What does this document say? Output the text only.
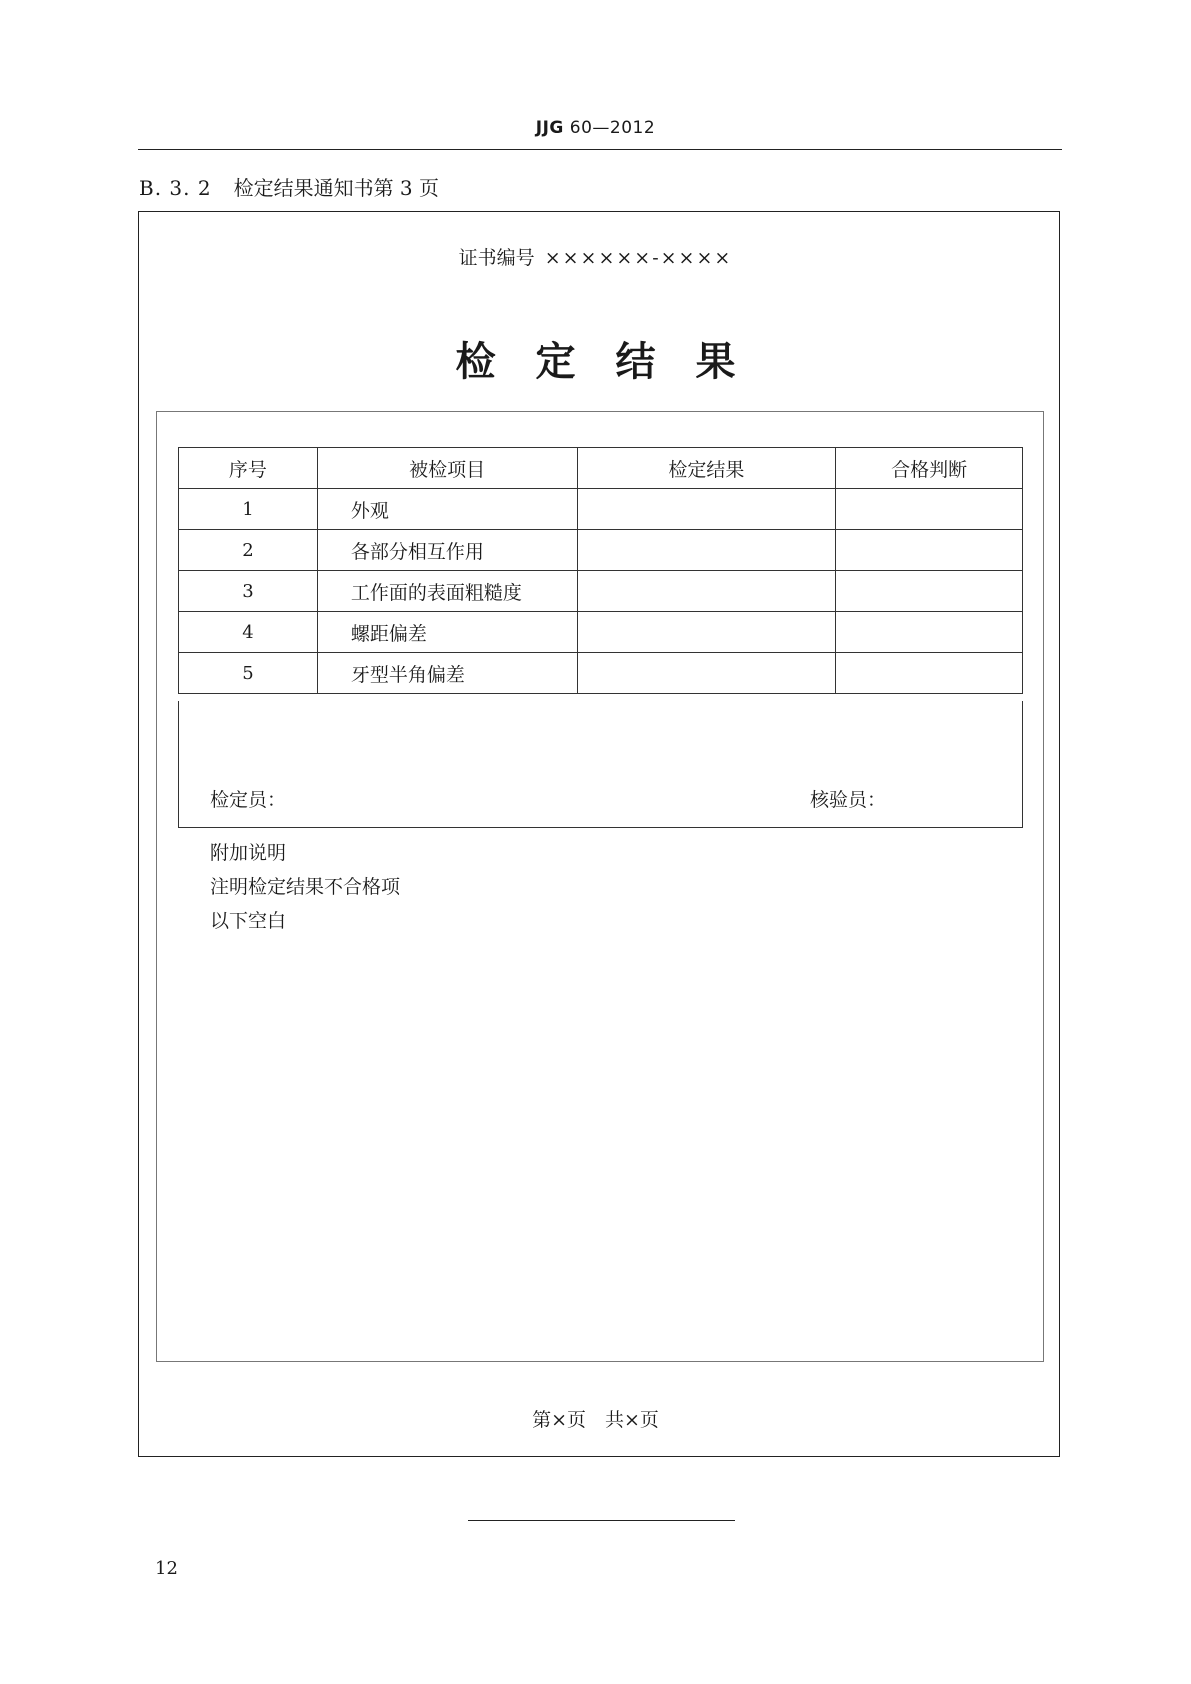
JJG 60—2012
B. 3. 2 检定结果通知书第 3 页
证书编号 ××××××-××××
检定结果
序号	被检项目	检定结果	合格判断
1	外观		
2	各部分相互作用		
3	工作面的表面粗糙度		
4	螺距偏差		
5	牙型半角偏差		
检定员：	核验员：
附加说明
注明检定结果不合格项
以下空白
第×页　共×页
12
